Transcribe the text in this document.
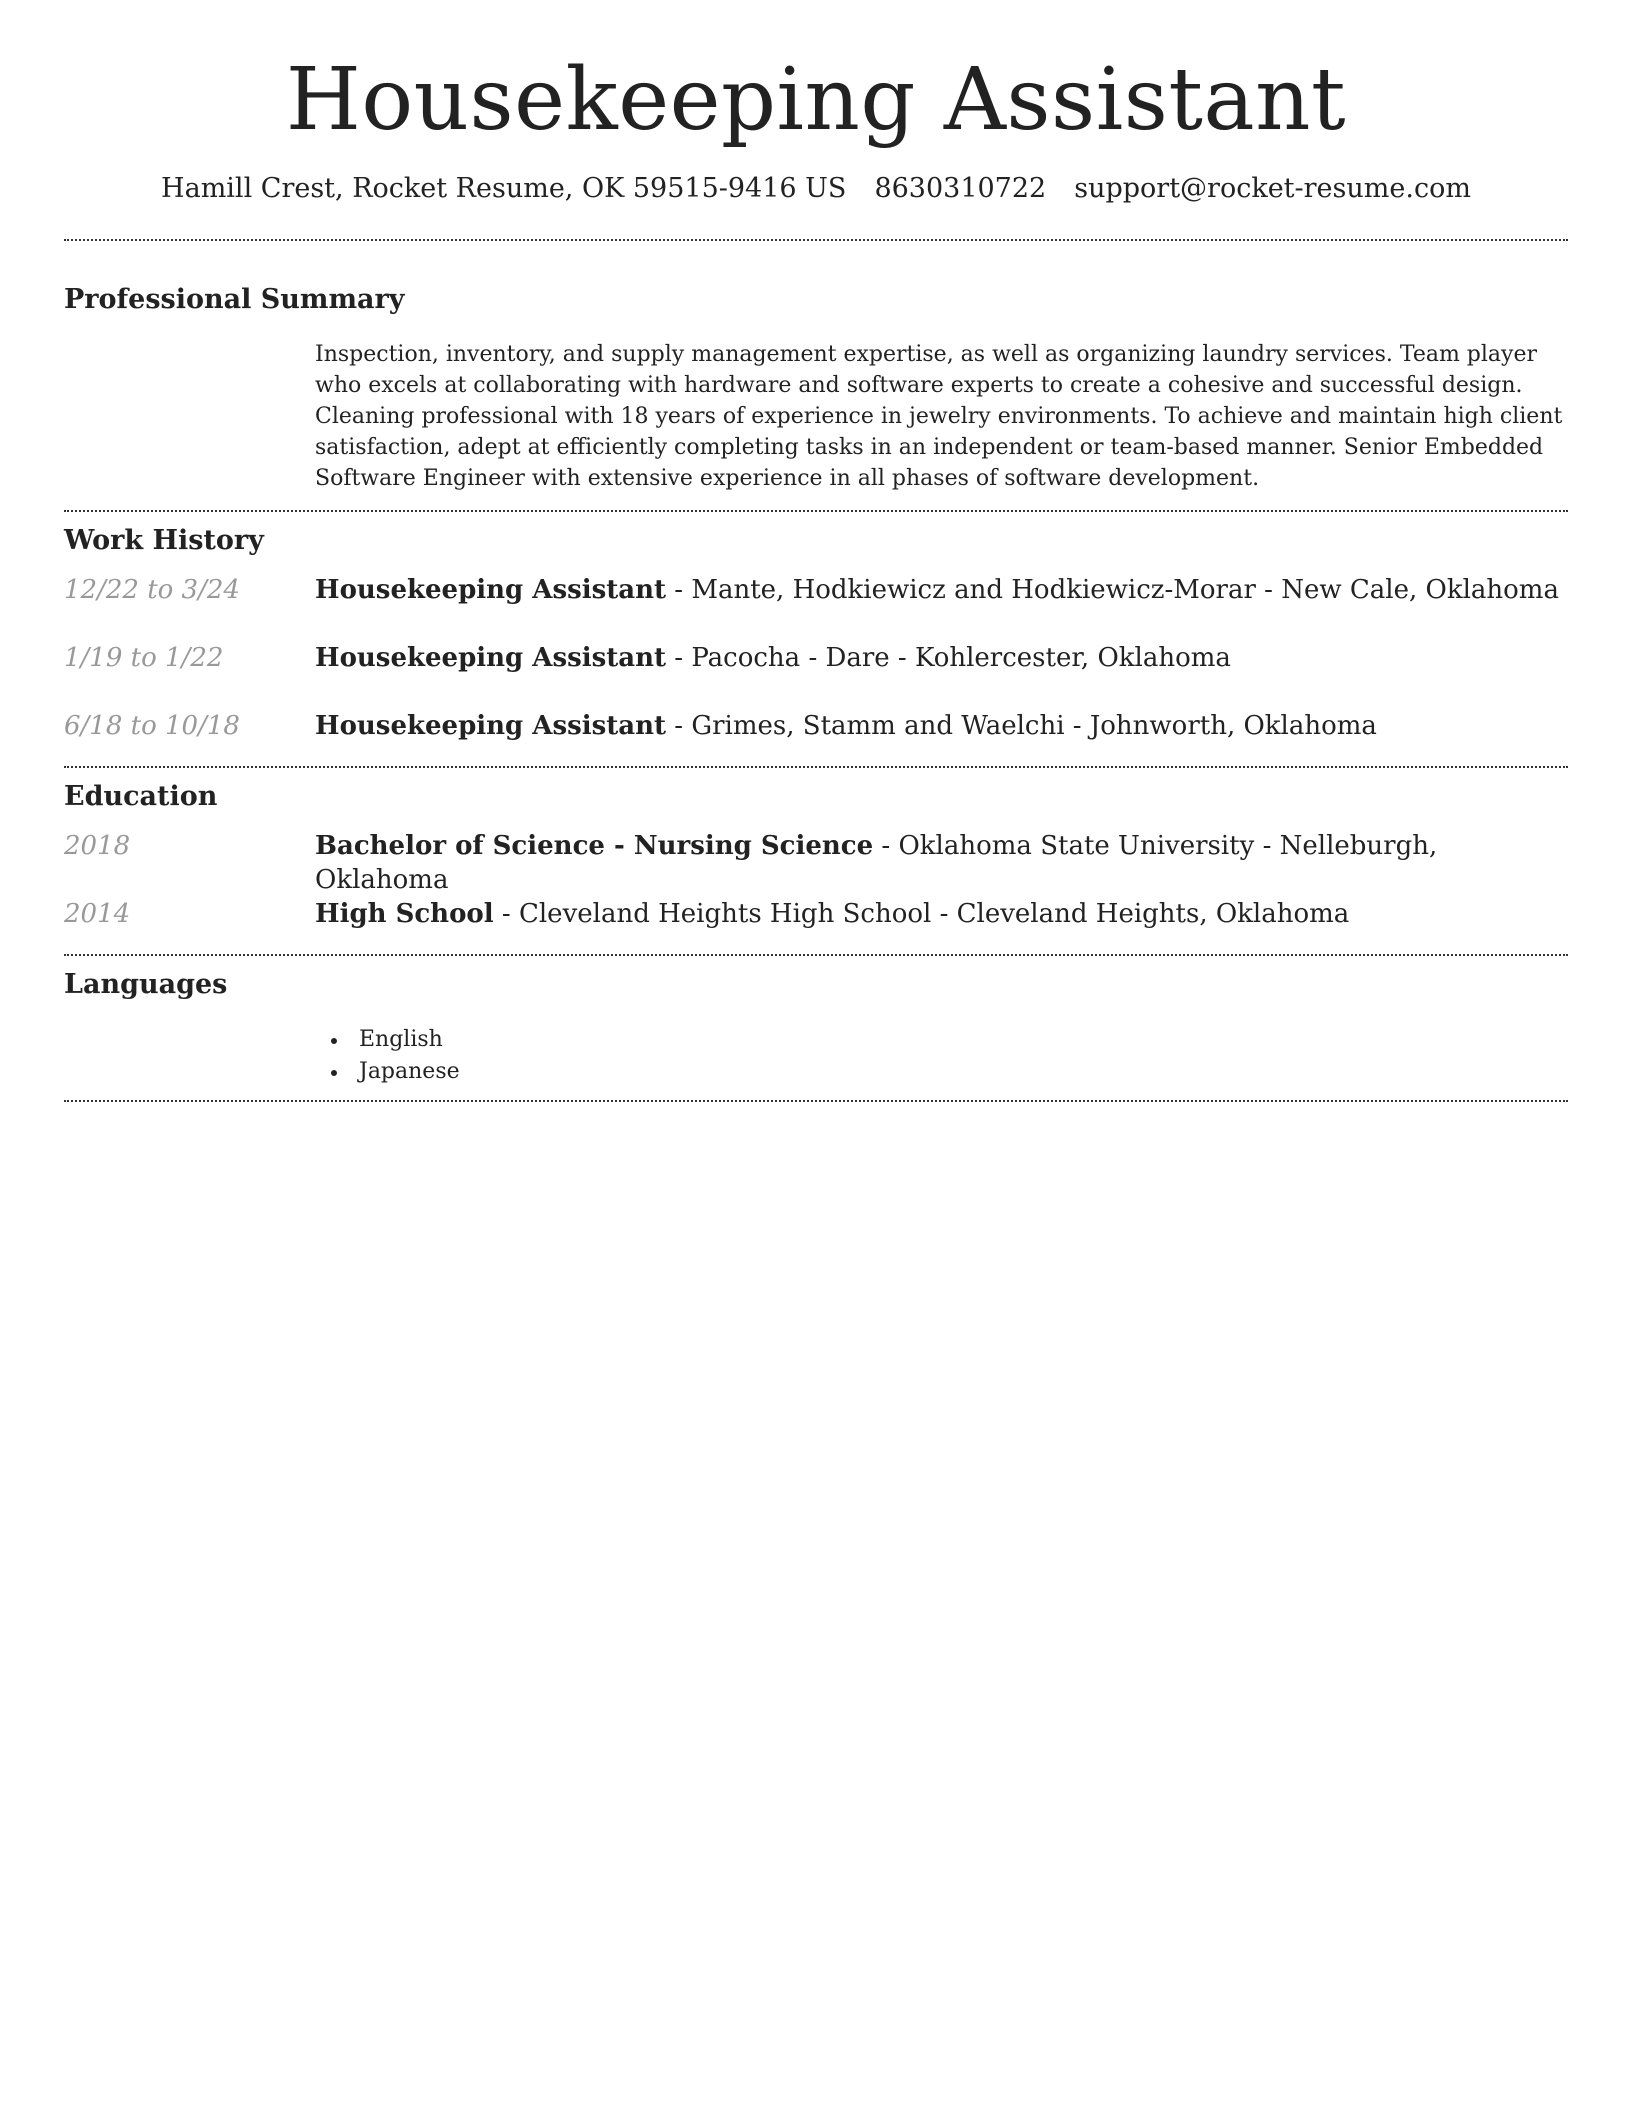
Housekeeping Assistant
Hamill Crest, Rocket Resume, OK 59515-9416 US 8630310722 support@rocket-resume.com
Professional Summary
Inspection, inventory, and supply management expertise, as well as organizing laundry services. Team player who excels at collaborating with hardware and software experts to create a cohesive and successful design. Cleaning professional with 18 years of experience in jewelry environments. To achieve and maintain high client satisfaction, adept at efficiently completing tasks in an independent or team-based manner. Senior Embedded Software Engineer with extensive experience in all phases of software development.
Work History
12/22 to 3/24	Housekeeping Assistant - Mante, Hodkiewicz and Hodkiewicz-Morar - New Cale, Oklahoma
1/19 to 1/22	Housekeeping Assistant - Pacocha - Dare - Kohlercester, Oklahoma
6/18 to 10/18	Housekeeping Assistant - Grimes, Stamm and Waelchi - Johnworth, Oklahoma
Education
2018	Bachelor of Science - Nursing Science - Oklahoma State University - Nelleburgh, Oklahoma
2014	High School - Cleveland Heights High School - Cleveland Heights, Oklahoma
Languages
English
Japanese
